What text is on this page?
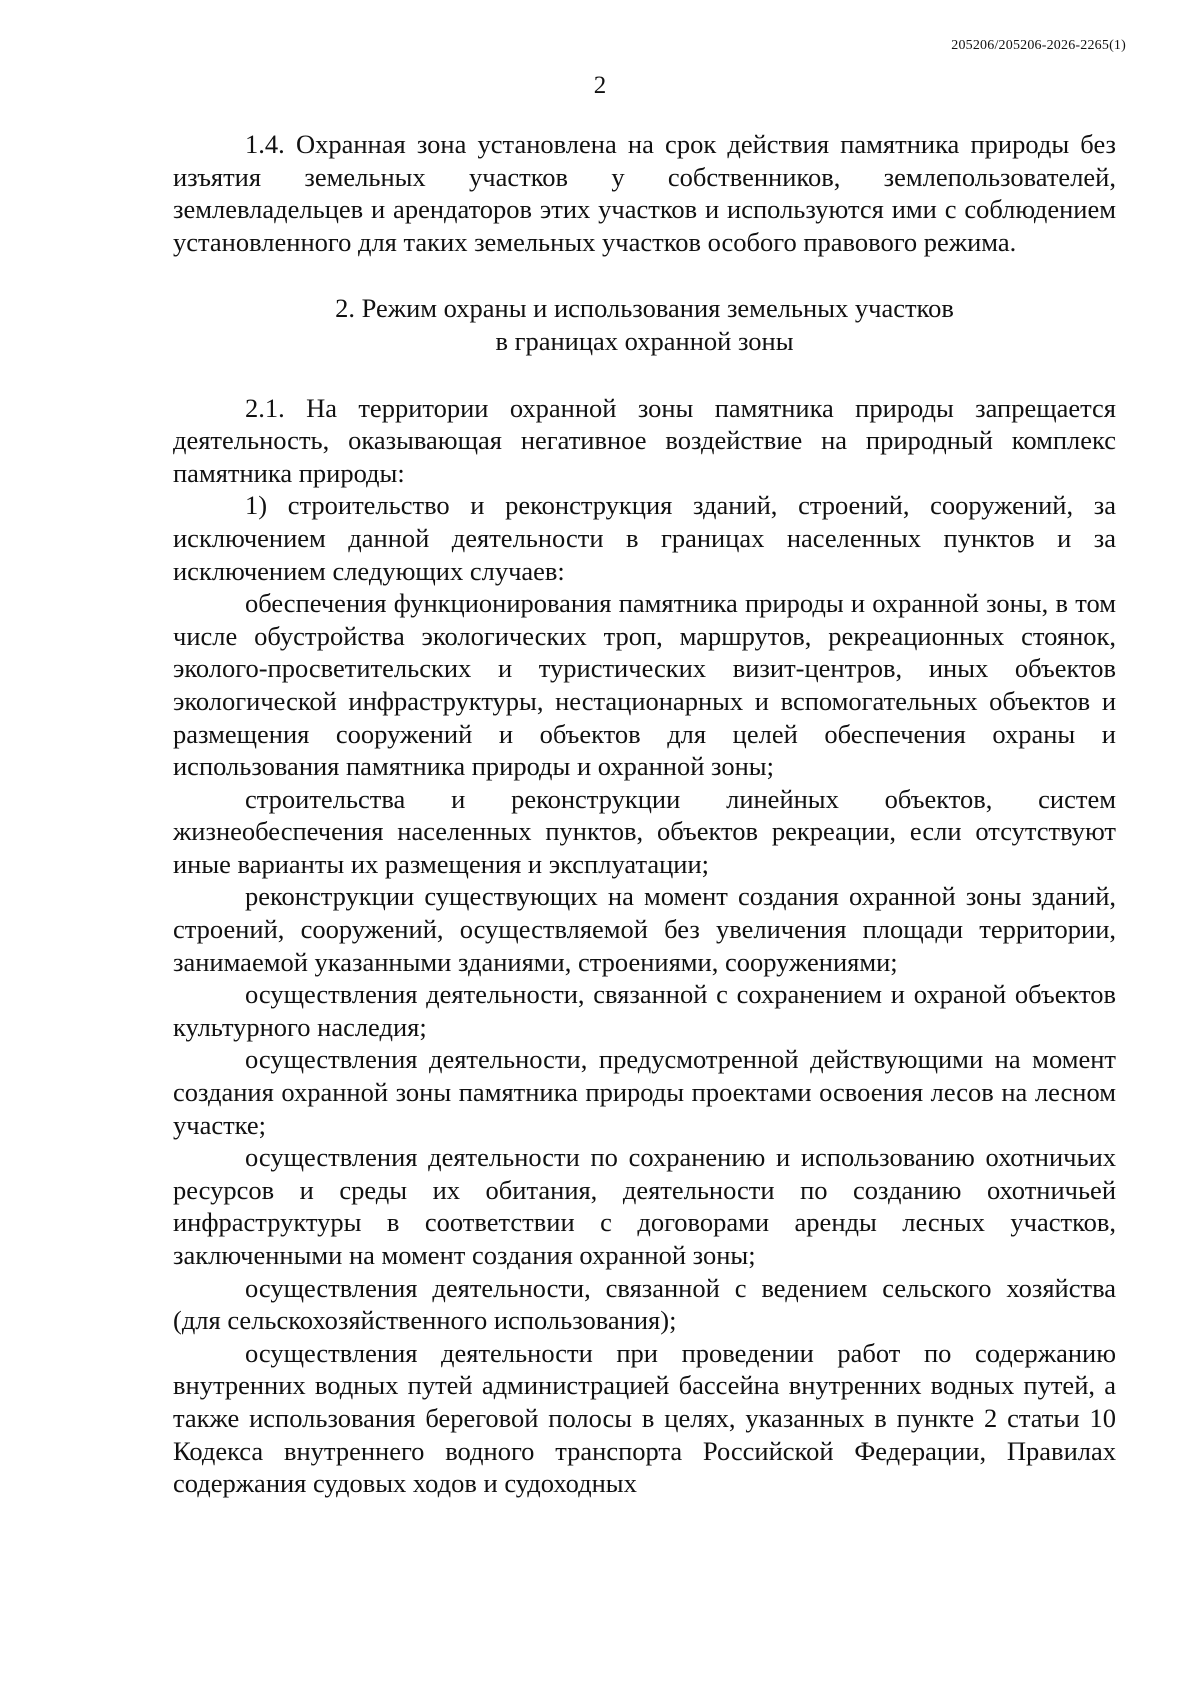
205206/205206-2026-2265(1)
2

1.4. Охранная зона установлена на срок действия памятника природы без изъятия земельных участков у собственников, землепользователей, землевладельцев и арендаторов этих участков и используются ими с соблюдением установленного для таких земельных участков особого правового режима.

2. Режим охраны и использования земельных участков
в границах охранной зоны

2.1. На территории охранной зоны памятника природы запрещается деятельность, оказывающая негативное воздействие на природный комплекс памятника природы:

1) строительство и реконструкция зданий, строений, сооружений, за исключением данной деятельности в границах населенных пунктов и за исключением следующих случаев:

обеспечения функционирования памятника природы и охранной зоны, в том числе обустройства экологических троп, маршрутов, рекреационных стоянок, эколого-просветительских и туристических визит-центров, иных объектов экологической инфраструктуры, нестационарных и вспомогательных объектов и размещения сооружений и объектов для целей обеспечения охраны и использования памятника природы и охранной зоны;

строительства и реконструкции линейных объектов, систем жизнеобеспечения населенных пунктов, объектов рекреации, если отсутствуют иные варианты их размещения и эксплуатации;

реконструкции существующих на момент создания охранной зоны зданий, строений, сооружений, осуществляемой без увеличения площади территории, занимаемой указанными зданиями, строениями, сооружениями;

осуществления деятельности, связанной с сохранением и охраной объектов культурного наследия;

осуществления деятельности, предусмотренной действующими на момент создания охранной зоны памятника природы проектами освоения лесов на лесном участке;

осуществления деятельности по сохранению и использованию охотничьих ресурсов и среды их обитания, деятельности по созданию охотничьей инфраструктуры в соответствии с договорами аренды лесных участков, заключенными на момент создания охранной зоны;

осуществления деятельности, связанной с ведением сельского хозяйства (для сельскохозяйственного использования);

осуществления деятельности при проведении работ по содержанию внутренних водных путей администрацией бассейна внутренних водных путей, а также использования береговой полосы в целях, указанных в пункте 2 статьи 10 Кодекса внутреннего водного транспорта Российской Федерации, Правилах содержания судовых ходов и судоходных
